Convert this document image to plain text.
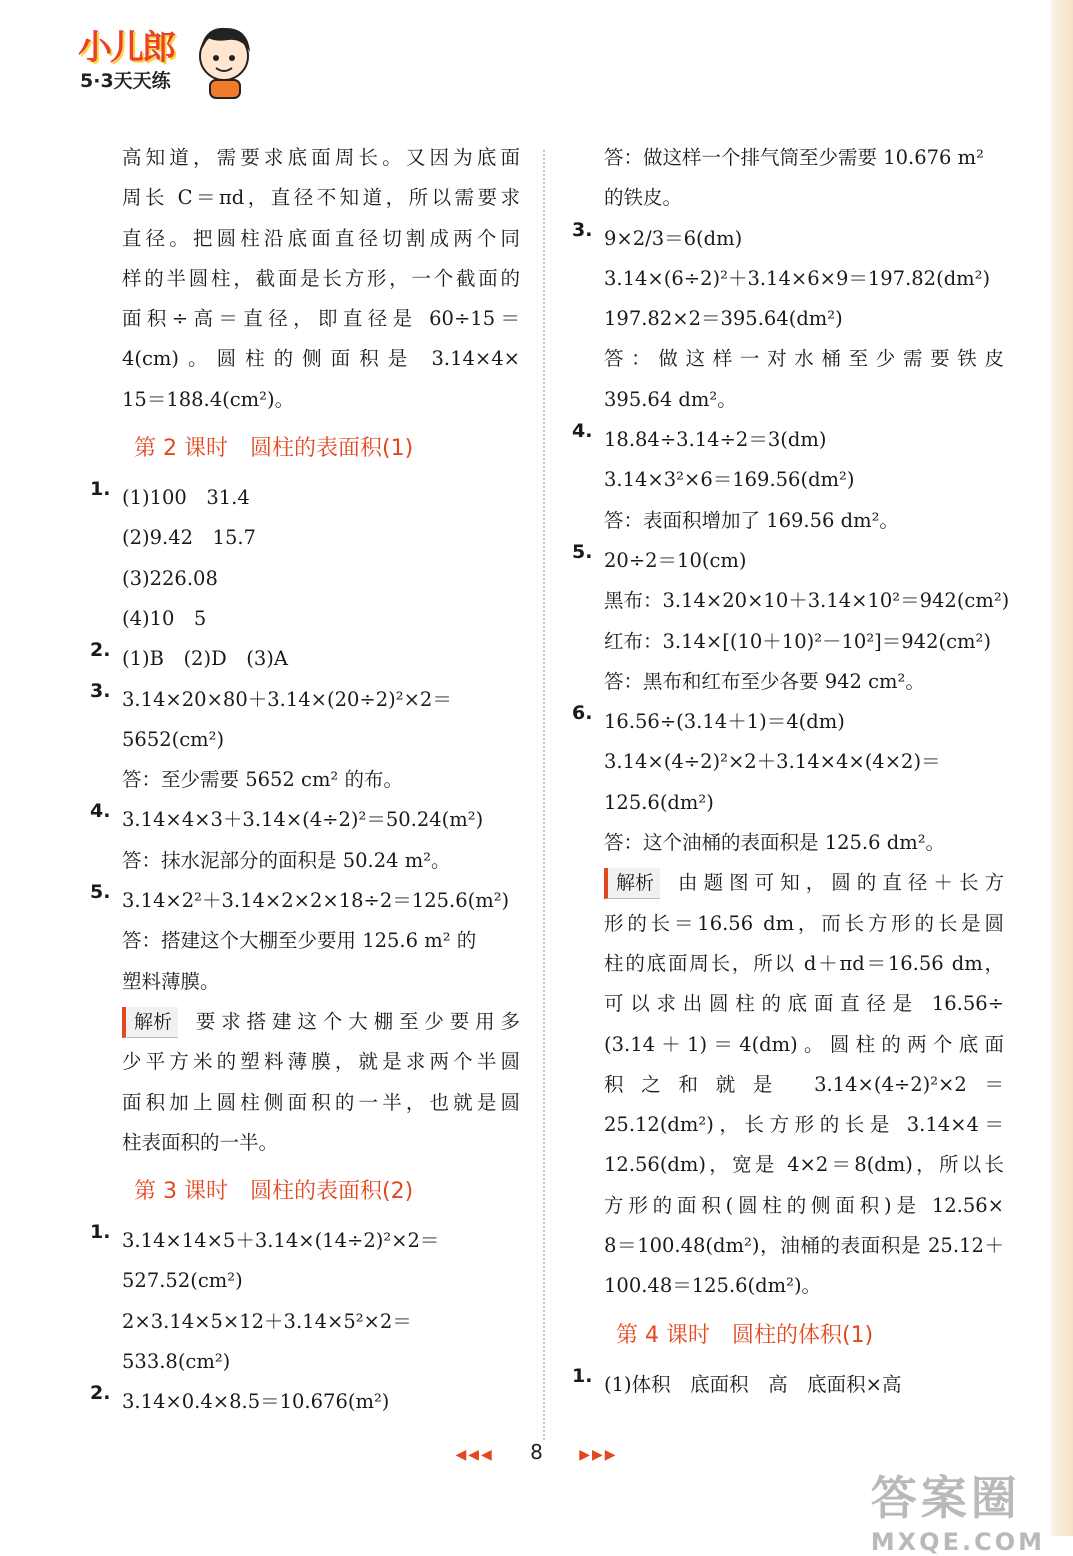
小儿郎
5·3天天练
高知道，需要求底面周长。又因为底面
周长 C＝πd，直径不知道，所以需要求
直径。把圆柱沿底面直径切割成两个同
样的半圆柱，截面是长方形，一个截面的
面积÷高＝直径，即直径是 60÷15＝
4(cm)。圆柱的侧面积是 3.14×4×
15＝188.4(cm²)。
第 2 课时　圆柱的表面积(1)
1. (1)100　31.4
(2)9.42　15.7
(3)226.08
(4)10　5
2. (1)B　(2)D　(3)A
3. 3.14×20×80＋3.14×(20÷2)²×2＝
5652(cm²)
答：至少需要 5652 cm² 的布。
4. 3.14×4×3＋3.14×(4÷2)²＝50.24(m²)
答：抹水泥部分的面积是 50.24 m²。
5. 3.14×2²＋3.14×2×2×18÷2＝125.6(m²)
答：搭建这个大棚至少要用 125.6 m² 的
塑料薄膜。
解析 要求搭建这个大棚至少要用多
少平方米的塑料薄膜，就是求两个半圆
面积加上圆柱侧面积的一半，也就是圆
柱表面积的一半。
第 3 课时　圆柱的表面积(2)
1. 3.14×14×5＋3.14×(14÷2)²×2＝
527.52(cm²)
2×3.14×5×12＋3.14×5²×2＝
533.8(cm²)
2. 3.14×0.4×8.5＝10.676(m²)
答：做这样一个排气筒至少需要 10.676 m²
的铁皮。
3. 9×2/3＝6(dm)
3.14×(6÷2)²＋3.14×6×9＝197.82(dm²)
197.82×2＝395.64(dm²)
答：做这样一对水桶至少需要铁皮
395.64 dm²。
4. 18.84÷3.14÷2＝3(dm)
3.14×3²×6＝169.56(dm²)
答：表面积增加了 169.56 dm²。
5. 20÷2＝10(cm)
黑布：3.14×20×10＋3.14×10²＝942(cm²)
红布：3.14×[(10＋10)²－10²]＝942(cm²)
答：黑布和红布至少各要 942 cm²。
6. 16.56÷(3.14＋1)＝4(dm)
3.14×(4÷2)²×2＋3.14×4×(4×2)＝
125.6(dm²)
答：这个油桶的表面积是 125.6 dm²。
解析 由题图可知，圆的直径＋长方
形的长＝16.56 dm，而长方形的长是圆
柱的底面周长，所以 d＋πd＝16.56 dm，
可以求出圆柱的底面直径是 16.56÷
(3.14＋1)＝4(dm)。圆柱的两个底面
积之和就是 3.14×(4÷2)²×2＝
25.12(dm²)，长方形的长是 3.14×4＝
12.56(dm)，宽是 4×2＝8(dm)，所以长
方形的面积(圆柱的侧面积)是 12.56×
8＝100.48(dm²)，油桶的表面积是 25.12＋
100.48＝125.6(dm²)。
第 4 课时　圆柱的体积(1)
1. (1)体积　底面积　高　底面积×高
◀◀◀ 8	▶▶▶
答案圈
MXQE.COM
